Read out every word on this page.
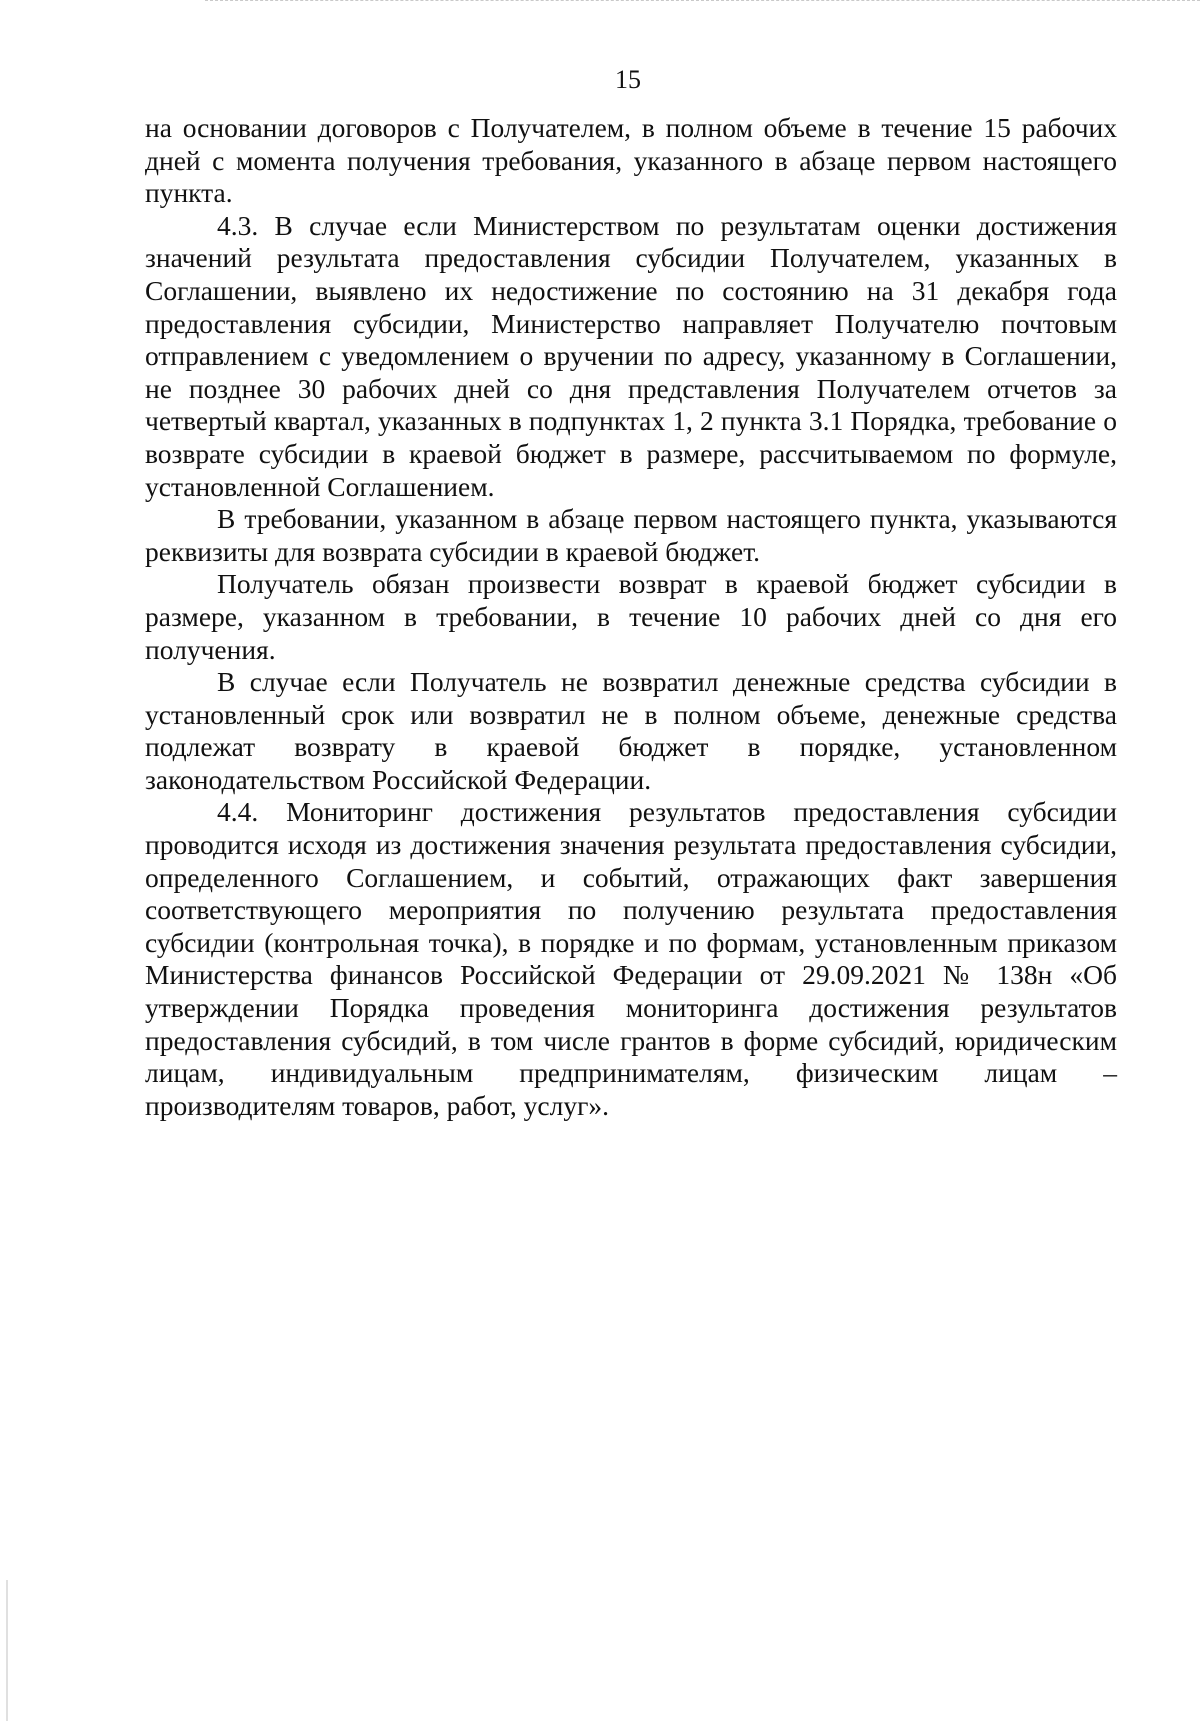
15

на основании договоров с Получателем, в полном объеме в течение 15 рабочих дней с момента получения требования, указанного в абзаце первом настоящего пункта.

4.3. В случае если Министерством по результатам оценки достижения значений результата предоставления субсидии Получателем, указанных в Соглашении, выявлено их недостижение по состоянию на 31 декабря года предоставления субсидии, Министерство направляет Получателю почтовым отправлением с уведомлением о вручении по адресу, указанному в Соглашении, не позднее 30 рабочих дней со дня представления Получателем отчетов за четвертый квартал, указанных в подпунктах 1, 2 пункта 3.1 Порядка, требование о возврате субсидии в краевой бюджет в размере, рассчитываемом по формуле, установленной Соглашением.

В требовании, указанном в абзаце первом настоящего пункта, указываются реквизиты для возврата субсидии в краевой бюджет.

Получатель обязан произвести возврат в краевой бюджет субсидии в размере, указанном в требовании, в течение 10 рабочих дней со дня его получения.

В случае если Получатель не возвратил денежные средства субсидии в установленный срок или возвратил не в полном объеме, денежные средства подлежат возврату в краевой бюджет в порядке, установленном законодательством Российской Федерации.

4.4. Мониторинг достижения результатов предоставления субсидии проводится исходя из достижения значения результата предоставления субсидии, определенного Соглашением, и событий, отражающих факт завершения соответствующего мероприятия по получению результата предоставления субсидии (контрольная точка), в порядке и по формам, установленным приказом Министерства финансов Российской Федерации от 29.09.2021 № 138н «Об утверждении Порядка проведения мониторинга достижения результатов предоставления субсидий, в том числе грантов в форме субсидий, юридическим лицам, индивидуальным предпринимателям, физическим лицам – производителям товаров, работ, услуг».
